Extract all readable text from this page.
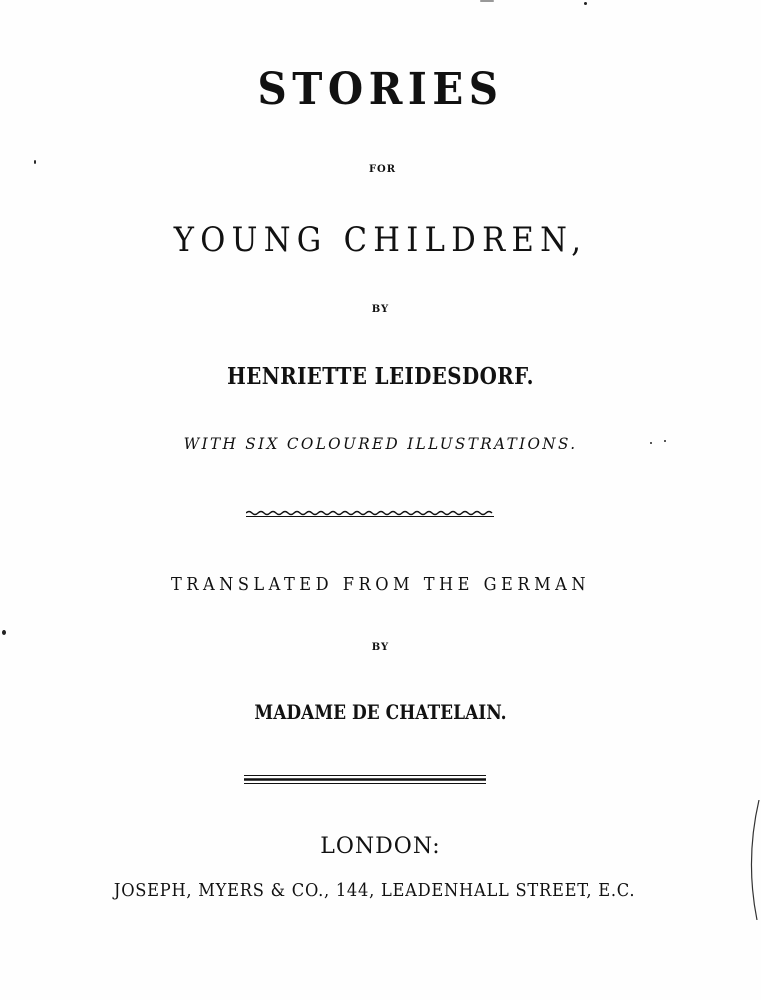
STORIES
FOR
YOUNG CHILDREN,
BY
HENRIETTE LEIDESDORF.
WITH SIX COLOURED ILLUSTRATIONS.
TRANSLATED FROM THE GERMAN
BY
MADAME DE CHATELAIN.
LONDON:
JOSEPH, MYERS & CO., 144, LEADENHALL STREET, E.C.
